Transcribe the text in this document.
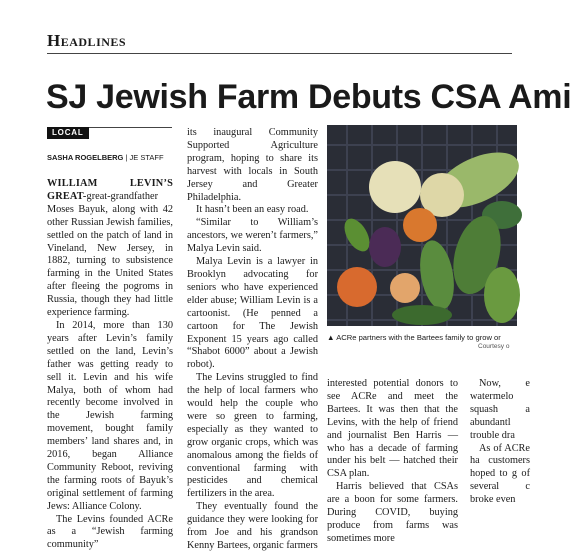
Headlines
SJ Jewish Farm Debuts CSA Ami
LOCAL
SASHA ROGELBERG | JE STAFF

WILLIAM LEVIN’S GREAT-great-grandfather Moses Bayuk, along with 42 other Russian Jewish families, settled on the patch of land in Vineland, New Jersey, in 1882, turning to subsistence farming in the United States after fleeing the pogroms in Russia, though they had little experience farming.

In 2014, more than 130 years after Levin’s family settled on the land, Levin’s father was getting ready to sell it. Levin and his wife Malya, both of whom had recently become involved in the Jewish farming movement, bought family members’ land shares and, in 2016, began Alliance Community Reboot, reviving the farming roots of Bayuk’s original settlement of farming Jews: Alliance Colony.

The Levins founded ACRe as a “Jewish farming community”

its inaugural Community Supported Agriculture program, hoping to share its harvest with locals in South Jersey and Greater Philadelphia.

It hasn’t been an easy road.

“Similar to William’s ancestors, we weren’t farmers,” Malya Levin said.

Malya Levin is a lawyer in Brooklyn advocating for seniors who have experienced elder abuse; William Levin is a cartoonist. (He penned a cartoon for The Jewish Exponent 15 years ago called “Shabot 6000” about a Jewish robot).

The Levins struggled to find the help of local farmers who would help the couple who were so green to farming, especially as they wanted to grow organic crops, which was anomalous among the fields of conventional farming with pesticides and chemical fertilizers in the area.

They eventually found the guidance they were looking for from Joe and his grandson Kenny Bartees, organic farmers

▲ ACRe partners with the Bartees family to grow or
Courtesy o

interested potential donors to see ACRe and meet the Bartees. It was then that the Levins, with the help of friend and journalist Ben Harris — who has a decade of farming under his belt — hatched their CSA plan.

Harris believed that CSAs are a boon for some farmers. During COVID, buying produce from farms was sometimes more

Now, e watermelo squash a abundantl trouble dra

As of ACRe ha customers hoped to g of several c broke even
